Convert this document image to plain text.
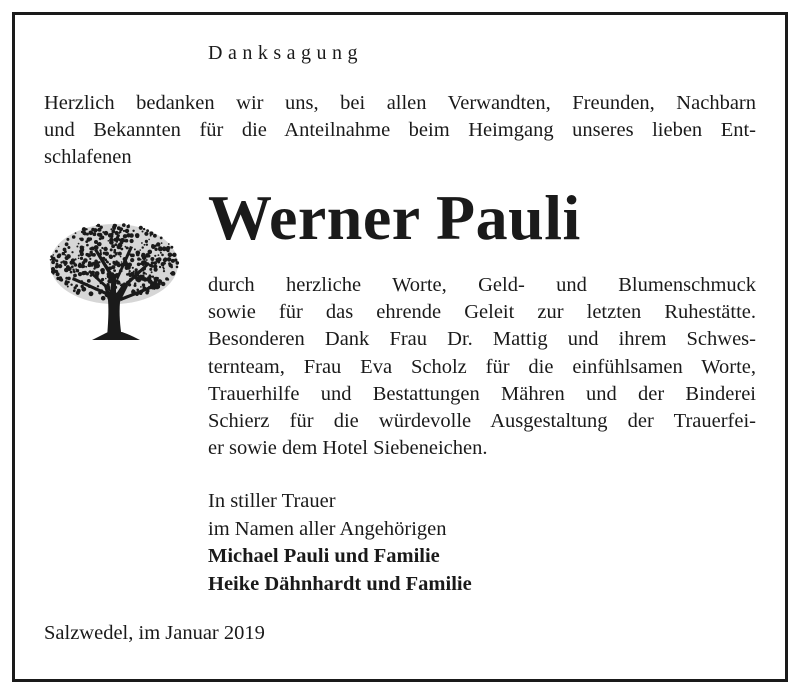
Danksagung
Herzlich bedanken wir uns, bei allen Verwandten, Freunden, Nachbarn
und Bekannten für die Anteilnahme beim Heimgang unseres lieben Ent-
schlafenen
Werner Pauli
durch herzliche Worte, Geld- und Blumenschmuck
sowie für das ehrende Geleit zur letzten Ruhestätte.
Besonderen Dank Frau Dr. Mattig und ihrem Schwes-
ternteam, Frau Eva Scholz für die einfühlsamen Worte,
Trauerhilfe und Bestattungen Mähren und der Binderei
Schierz für die würdevolle Ausgestaltung der Trauerfei-
er sowie dem Hotel Siebeneichen.
In stiller Trauer
im Namen aller Angehörigen
Michael Pauli und Familie
Heike Dähnhardt und Familie
Salzwedel, im Januar 2019
